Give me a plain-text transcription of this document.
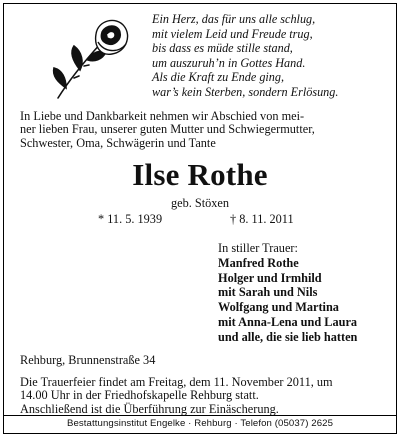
Ein Herz, das für uns alle schlug,
mit vielem Leid und Freude trug,
bis dass es müde stille stand,
um auszuruh’n in Gottes Hand.
Als die Kraft zu Ende ging,
war’s kein Sterben, sondern Erlösung.
In Liebe und Dankbarkeit nehmen wir Abschied von mei-
ner lieben Frau, unserer guten Mutter und Schwiegermutter,
Schwester, Oma, Schwägerin und Tante
Ilse Rothe
geb. Stöxen
* 11. 5. 1939	† 8. 11. 2011
In stiller Trauer:
Manfred Rothe
Holger und Irmhild
mit Sarah und Nils
Wolfgang und Martina
mit Anna-Lena und Laura
und alle, die sie lieb hatten
Rehburg, Brunnenstraße 34
Die Trauerfeier findet am Freitag, dem 11. November 2011, um
14.00 Uhr in der Friedhofskapelle Rehburg statt.
Anschließend ist die Überführung zur Einäscherung.
Bestattungsinstitut Engelke · Rehburg · Telefon (05037) 2625
